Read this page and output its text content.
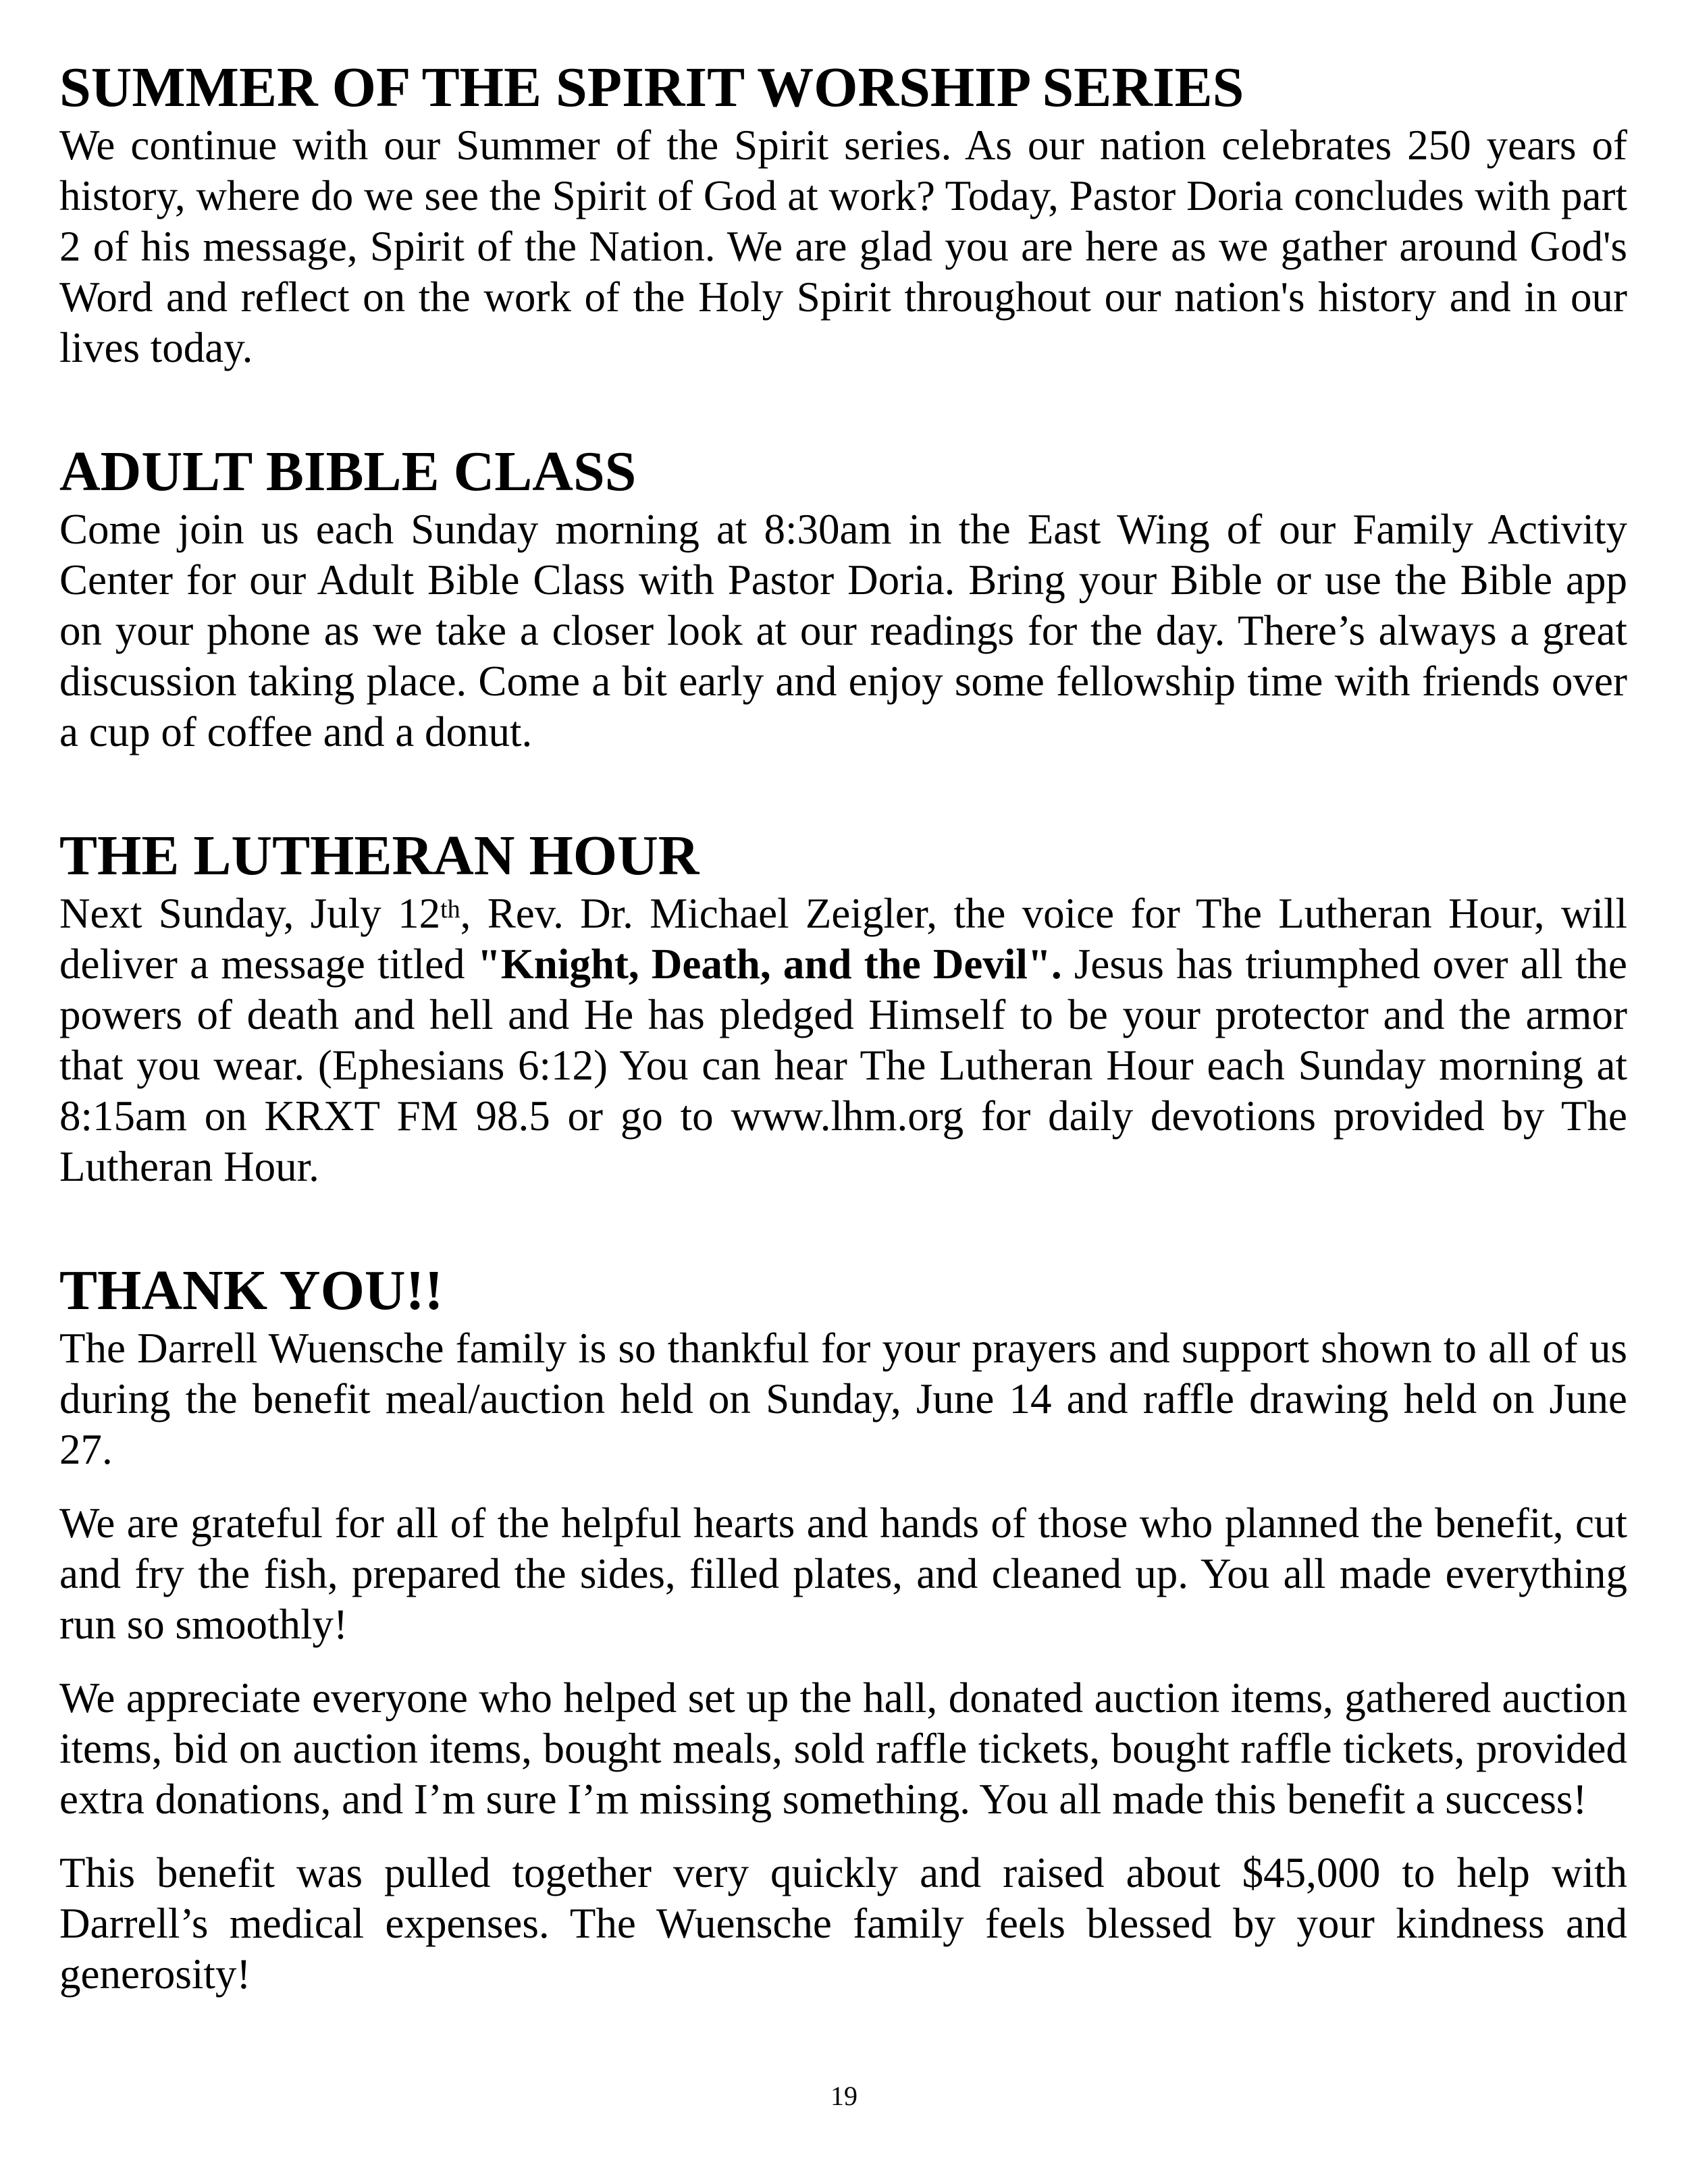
SUMMER OF THE SPIRIT WORSHIP SERIES

We continue with our Summer of the Spirit series. As our nation celebrates 250 years of history, where do we see the Spirit of God at work? Today, Pastor Doria concludes with part 2 of his message, Spirit of the Nation. We are glad you are here as we gather around God's Word and reflect on the work of the Holy Spirit throughout our nation's history and in our lives today.

ADULT BIBLE CLASS

Come join us each Sunday morning at 8:30am in the East Wing of our Family Activity Center for our Adult Bible Class with Pastor Doria. Bring your Bible or use the Bible app on your phone as we take a closer look at our readings for the day. There’s always a great discussion taking place. Come a bit early and enjoy some fellowship time with friends over a cup of coffee and a donut.

THE LUTHERAN HOUR

Next Sunday, July 12th, Rev. Dr. Michael Zeigler, the voice for The Lutheran Hour, will deliver a message titled "Knight, Death, and the Devil". Jesus has triumphed over all the powers of death and hell and He has pledged Himself to be your protector and the armor that you wear. (Ephesians 6:12) You can hear The Lutheran Hour each Sunday morning at 8:15am on KRXT FM 98.5 or go to www.lhm.org for daily devotions provided by The Lutheran Hour.

THANK YOU!!

The Darrell Wuensche family is so thankful for your prayers and support shown to all of us during the benefit meal/auction held on Sunday, June 14 and raffle drawing held on June 27.

We are grateful for all of the helpful hearts and hands of those who planned the benefit, cut and fry the fish, prepared the sides, filled plates, and cleaned up. You all made everything run so smoothly!

We appreciate everyone who helped set up the hall, donated auction items, gathered auction items, bid on auction items, bought meals, sold raffle tickets, bought raffle tickets, provided extra donations, and I’m sure I’m missing something. You all made this benefit a success!

This benefit was pulled together very quickly and raised about $45,000 to help with Darrell’s medical expenses. The Wuensche family feels blessed by your kindness and generosity!

19
